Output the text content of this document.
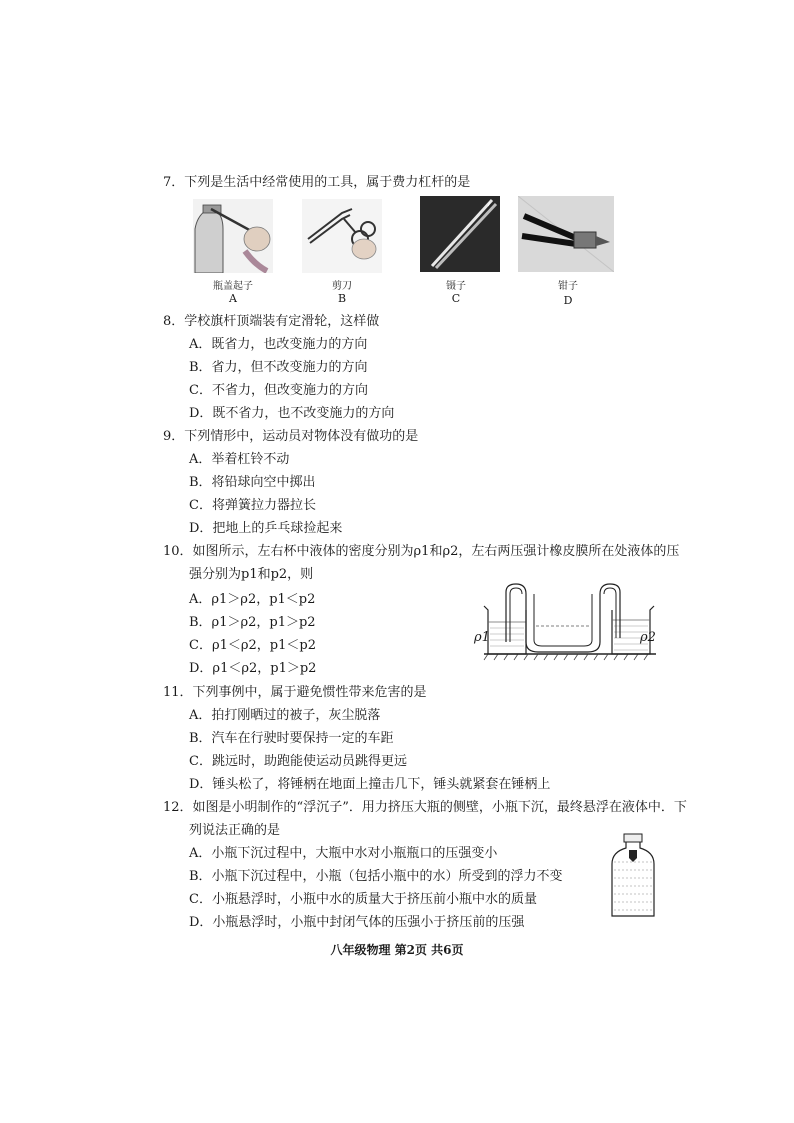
7．下列是生活中经常使用的工具，属于费力杠杆的是
瓶盖起子
A
剪刀
B
镊子
C
钳子
D
8．学校旗杆顶端装有定滑轮，这样做
A．既省力，也改变施力的方向
B．省力，但不改变施力的方向
C．不省力，但改变施力的方向
D．既不省力，也不改变施力的方向
9．下列情形中，运动员对物体没有做功的是
A．举着杠铃不动
B．将铅球向空中掷出
C．将弹簧拉力器拉长
D．把地上的乒乓球捡起来
10．如图所示，左右杯中液体的密度分别为ρ1和ρ2，左右两压强计橡皮膜所在处液体的压
强分别为p1和p2，则
A．ρ1＞ρ2，p1＜p2
B．ρ1＞ρ2，p1＞p2
C．ρ1＜ρ2，p1＜p2
D．ρ1＜ρ2，p1＞p2
ρ1	ρ2
11．下列事例中，属于避免惯性带来危害的是
A．拍打刚晒过的被子，灰尘脱落
B．汽车在行驶时要保持一定的车距
C．跳远时，助跑能使运动员跳得更远
D．锤头松了，将锤柄在地面上撞击几下，锤头就紧套在锤柄上
12．如图是小明制作的“浮沉子”．用力挤压大瓶的侧壁，小瓶下沉，最终悬浮在液体中．下
列说法正确的是
A．小瓶下沉过程中，大瓶中水对小瓶瓶口的压强变小
B．小瓶下沉过程中，小瓶（包括小瓶中的水）所受到的浮力不变
C．小瓶悬浮时，小瓶中水的质量大于挤压前小瓶中水的质量
D．小瓶悬浮时，小瓶中封闭气体的压强小于挤压前的压强
八年级物理 第2页 共6页
